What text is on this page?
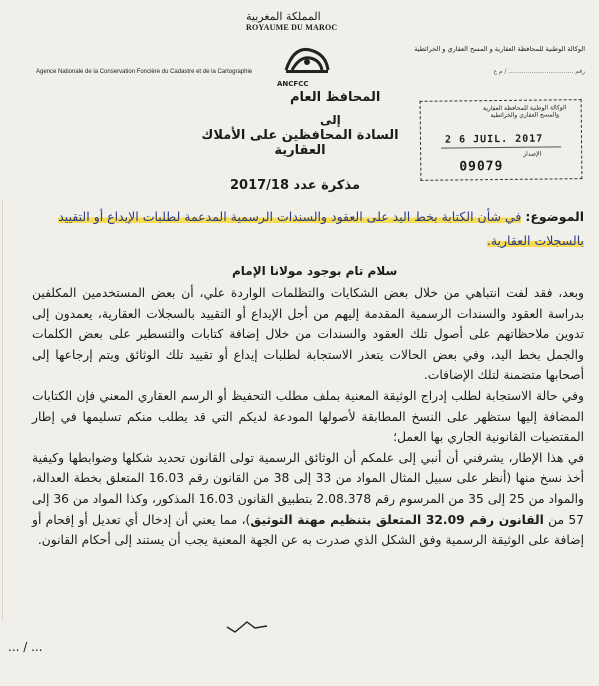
المملكة المغربية
ROYAUME DU MAROC
ANCFCC
Agence Nationale de la Conservation Foncière du Cadastre et de la Cartographie
الوكالة الوطنية للمحافظة العقارية و المسح العقاري و الخرائطية
رقم .................................. / م ع
المحافظ العام
إلى
السادة المحافظين على الأملاك العقارية
الوكالة الوطنية للمحافظة العقارية والمسح العقاري والخرائطية
2 6 JUIL. 2017
الإصدار
09079
مذكرة عدد 2017/18
الموضوع: في شأن الكتابة بخط اليد على العقود والسندات الرسمية المدعمة لطلبات الإيداع أو التقييد بالسجلات العقارية.
سلام تام بوجود مولانا الإمام

وبعد، فقد لفت انتباهي من خلال بعض الشكايات والتظلمات الواردة علي، أن بعض المستخدمين المكلفين بدراسة العقود والسندات الرسمية المقدمة إليهم من أجل الإيداع أو التقييد بالسجلات العقارية، يعمدون إلى تدوين ملاحظاتهم على أصول تلك العقود والسندات من خلال إضافة كتابات والتسطير على بعض الكلمات والجمل بخط اليد، وفي بعض الحالات يتعذر الاستجابة لطلبات إيداع أو تقييد تلك الوثائق ويتم إرجاعها إلى أصحابها متضمنة لتلك الإضافات.

وفي حالة الاستجابة لطلب إدراج الوثيقة المعنية بملف مطلب التحفيظ أو الرسم العقاري المعني فإن الكتابات المضافة إليها ستظهر على النسخ المطابقة لأصولها المودعة لديكم التي قد يطلب منكم تسليمها في إطار المقتضيات القانونية الجاري بها العمل؛

في هذا الإطار، يشرفني أن أنبي إلى علمكم أن الوثائق الرسمية تولى القانون تحديد شكلها وضوابطها وكيفية أخذ نسخ منها (أنظر على سبيل المثال المواد من 33 إلى 38 من القانون رقم 16.03 المتعلق بخطة العدالة، والمواد من 25 إلى 35 من المرسوم رقم 2.08.378 بتطبيق القانون 16.03 المذكور، وكذا المواد من 36 إلى 57 من القانون رقم 32.09 المتعلق بتنظيم مهنة التوثيق)، مما يعني أن إدخال أي تعديل أو إقحام أو إضافة على الوثيقة الرسمية وفق الشكل الذي صدرت به عن الجهة المعنية يجب أن يستند إلى أحكام القانون.

... / ...
